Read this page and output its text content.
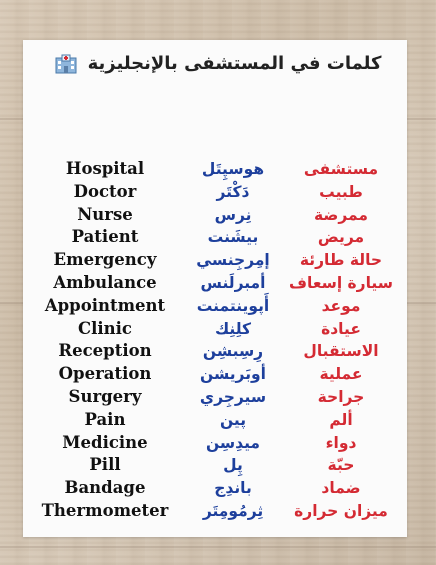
كلمات في المستشفى بالإنجليزية
Hospital	هوسپِتَل	مستشفى
Doctor	دَكْتَر	طبيب
Nurse	نِرس	ممرضة
Patient	بيشَنت	مريض
Emergency	إمِرجِنسي	حالة طارئة
Ambulance	أمبرلَنس	سيارة إسعاف
Appointment	أَپوينتمنت	موعد
Clinic	كلِنِك	عيادة
Reception	رِسِبشِن	الاستقبال
Operation	أوبَريشن	عملية
Surgery	سيرجِري	جراحة
Pain	پين	ألم
Medicine	ميدِسِن	دواء
Pill	پِل	حبّة
Bandage	باندِج	ضماد
Thermometer	ثِرمُومِتَر	ميزان حرارة
